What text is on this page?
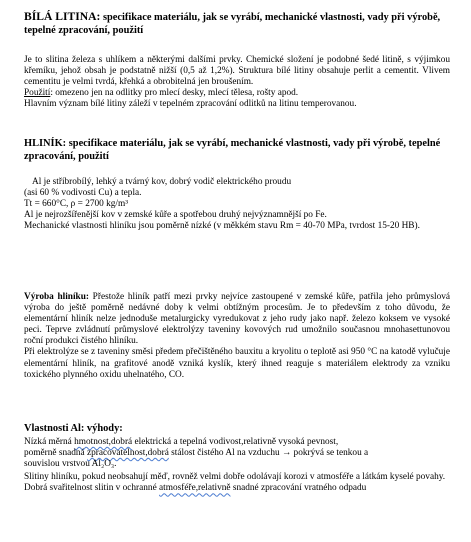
BÍLÁ LITINA: specifikace materiálu, jak se vyrábí, mechanické vlastnosti, vady při výrobě, tepelné zpracování, použití

Je to slitina železa s uhlíkem a některými dalšími prvky. Chemické složení je podobné šedé litině, s výjimkou křemíku, jehož obsah je podstatně nižší (0,5 až 1,2%). Struktura bílé litiny obsahuje perlit a cementit. Vlivem cementitu je velmi tvrdá, křehká a obrobitelná jen broušením.

Použití: omezeno jen na odlitky pro mlecí desky, mlecí tělesa, rošty apod.

Hlavním význam bílé litiny záleží v tepelném zpracování odlitků na litinu temperovanou.

HLINÍK: specifikace materiálu, jak se vyrábí, mechanické vlastnosti, vady při výrobě, tepelné zpracování, použití

Al je stříbrobílý, lehký a tvárný kov, dobrý vodič elektrického proudu

(asi 60 % vodivosti Cu) a tepla.

Tt = 660°C, ρ = 2700 kg/m³

Al je nejrozšířenější kov v zemské kůře a spotřebou druhý nejvýznamnější po Fe.

Mechanické vlastnosti hliníku jsou poměrně nízké (v měkkém stavu Rm = 40-70 MPa, tvrdost 15-20 HB).

Výroba hliníku: Přestože hliník patří mezi prvky nejvíce zastoupené v zemské kůře, patřila jeho průmyslová výroba do ještě poměrně nedávné doby k velmi obtížným procesům. Je to především z toho důvodu, že elementární hliník nelze jednoduše metalurgicky vyredukovat z jeho rudy jako např. železo koksem ve vysoké peci. Teprve zvládnutí průmyslové elektrolýzy taveniny kovových rud umožnilo současnou mnohasettunovou roční produkci čistého hliníku.

Při elektrolýze se z taveniny směsi předem přečištěného bauxitu a kryolitu o teplotě asi 950 °C na katodě vylučuje elementární hliník, na grafitové anodě vzniká kyslík, který ihned reaguje s materiálem elektrody za vzniku toxického plynného oxidu uhelnatého, CO.

Vlastnosti Al: výhody:

Nízká měrná hmotnost,dobrá elektrická a tepelná vodivost,relativně vysoká pevnost,

poměrně snadná zpracovatelnost,dobrá stálost čistého Al na vzduchu → pokrývá se tenkou a

souvislou vrstvou Al₂O₃.

Slitiny hliníku, pokud neobsahují měď, rovněž velmi dobře odolávají korozi v atmosféře a látkám kyselé povahy.

Dobrá svařitelnost slitin v ochranné atmosféře,relativně snadné zpracování vratného odpadu
